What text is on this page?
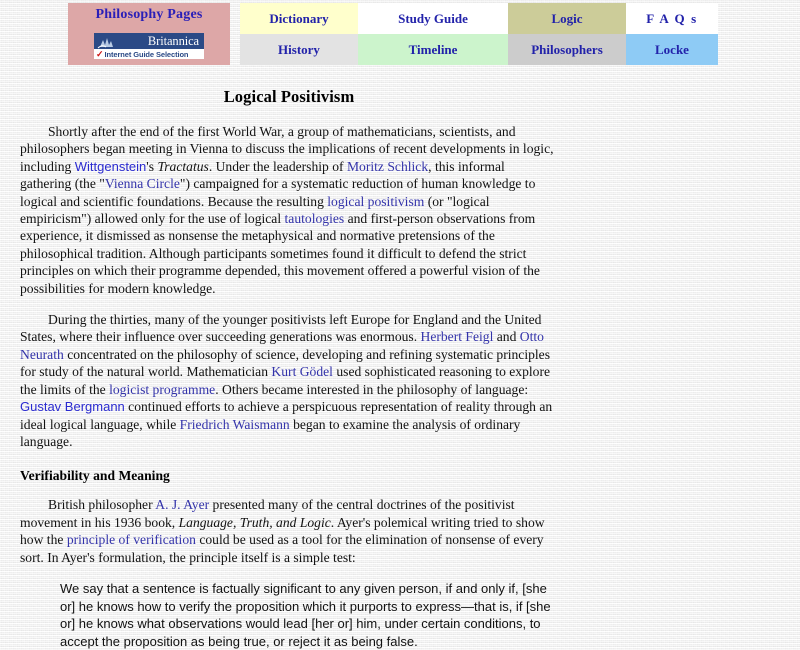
Philosophy Pages
Britannica
✓ Internet Guide Selection		Dictionary	Study Guide	Logic	F A Q s
		History	Timeline	Philosophers	Locke
Logical Positivism

Shortly after the end of the first World War, a group of mathematicians, scientists, and philosophers began meeting in Vienna to discuss the implications of recent developments in logic, including Wittgenstein's Tractatus. Under the leadership of Moritz Schlick, this informal gathering (the "Vienna Circle") campaigned for a systematic reduction of human knowledge to logical and scientific foundations. Because the resulting logical positivism (or "logical empiricism") allowed only for the use of logical tautologies and first-person observations from experience, it dismissed as nonsense the metaphysical and normative pretensions of the philosophical tradition. Although participants sometimes found it difficult to defend the strict principles on which their programme depended, this movement offered a powerful vision of the possibilities for modern knowledge.

During the thirties, many of the younger positivists left Europe for England and the United States, where their influence over succeeding generations was enormous. Herbert Feigl and Otto Neurath concentrated on the philosophy of science, developing and refining systematic principles for study of the natural world. Mathematician Kurt Gödel used sophisticated reasoning to explore the limits of the logicist programme. Others became interested in the philosophy of language: Gustav Bergmann continued efforts to achieve a perspicuous representation of reality through an ideal logical language, while Friedrich Waismann began to examine the analysis of ordinary language.

Verifiability and Meaning

British philosopher A. J. Ayer presented many of the central doctrines of the positivist movement in his 1936 book, Language, Truth, and Logic. Ayer's polemical writing tried to show how the principle of verification could be used as a tool for the elimination of nonsense of every sort. In Ayer's formulation, the principle itself is a simple test:

We say that a sentence is factually significant to any given person, if and only if, [she or] he knows how to verify the proposition which it purports to express—that is, if [she or] he knows what observations would lead [her or] him, under certain conditions, to accept the proposition as being true, or reject it as being false.
